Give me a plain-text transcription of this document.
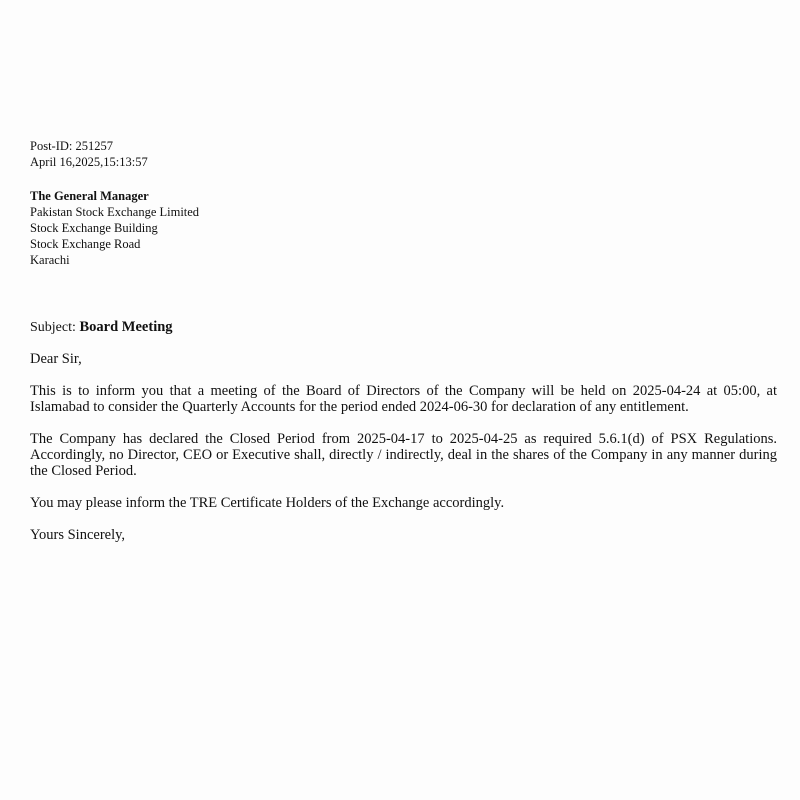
Post-ID: 251257
April 16,2025,15:13:57
The General Manager
Pakistan Stock Exchange Limited
Stock Exchange Building
Stock Exchange Road
Karachi
Subject: Board Meeting
Dear Sir,
This is to inform you that a meeting of the Board of Directors of the Company will be held on 2025-04-24 at 05:00, at Islamabad to consider the Quarterly Accounts for the period ended 2024-06-30 for declaration of any entitlement.
The Company has declared the Closed Period from 2025-04-17 to 2025-04-25 as required 5.6.1(d) of PSX Regulations. Accordingly, no Director, CEO or Executive shall, directly / indirectly, deal in the shares of the Company in any manner during the Closed Period.
You may please inform the TRE Certificate Holders of the Exchange accordingly.
Yours Sincerely,
